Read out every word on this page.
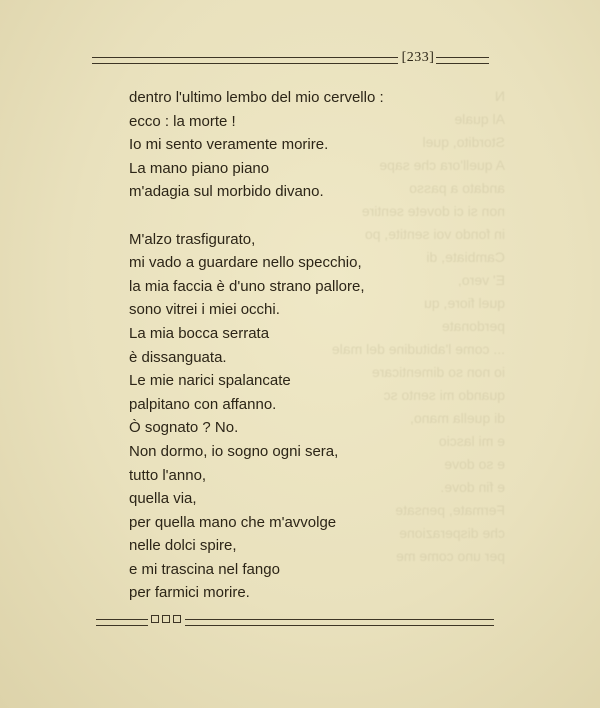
N
Al quale
Stordito, quel
A quell'ora che sape
andato a passo
non si ci dovete sentire
in fondo voi sentite, po
Cambiate, di
E' vero,
quel fiore, qu
perdonate
... come l'abitudine del male
io non so dimenticare
quando mi sento sc
di quella mano,
e mi lascio
e so dove
e fin dove.
Fermate, pensate
che disperazione
per uno come me
[233]

dentro l'ultimo lembo del mio cervello :
ecco : la morte !
Io mi sento veramente morire.
La mano piano piano
m'adagia sul morbido divano.

M'alzo trasfigurato,
mi vado a guardare nello specchio,
la mia faccia è d'uno strano pallore,
sono vitrei i miei occhi.
La mia bocca serrata
è dissanguata.
Le mie narici spalancate
palpitano con affanno.
Ò sognato ? No.
Non dormo, io sogno ogni sera,
tutto l'anno,
quella via,
per quella mano che m'avvolge
nelle dolci spire,
e mi trascina nel fango
per farmici morire.
